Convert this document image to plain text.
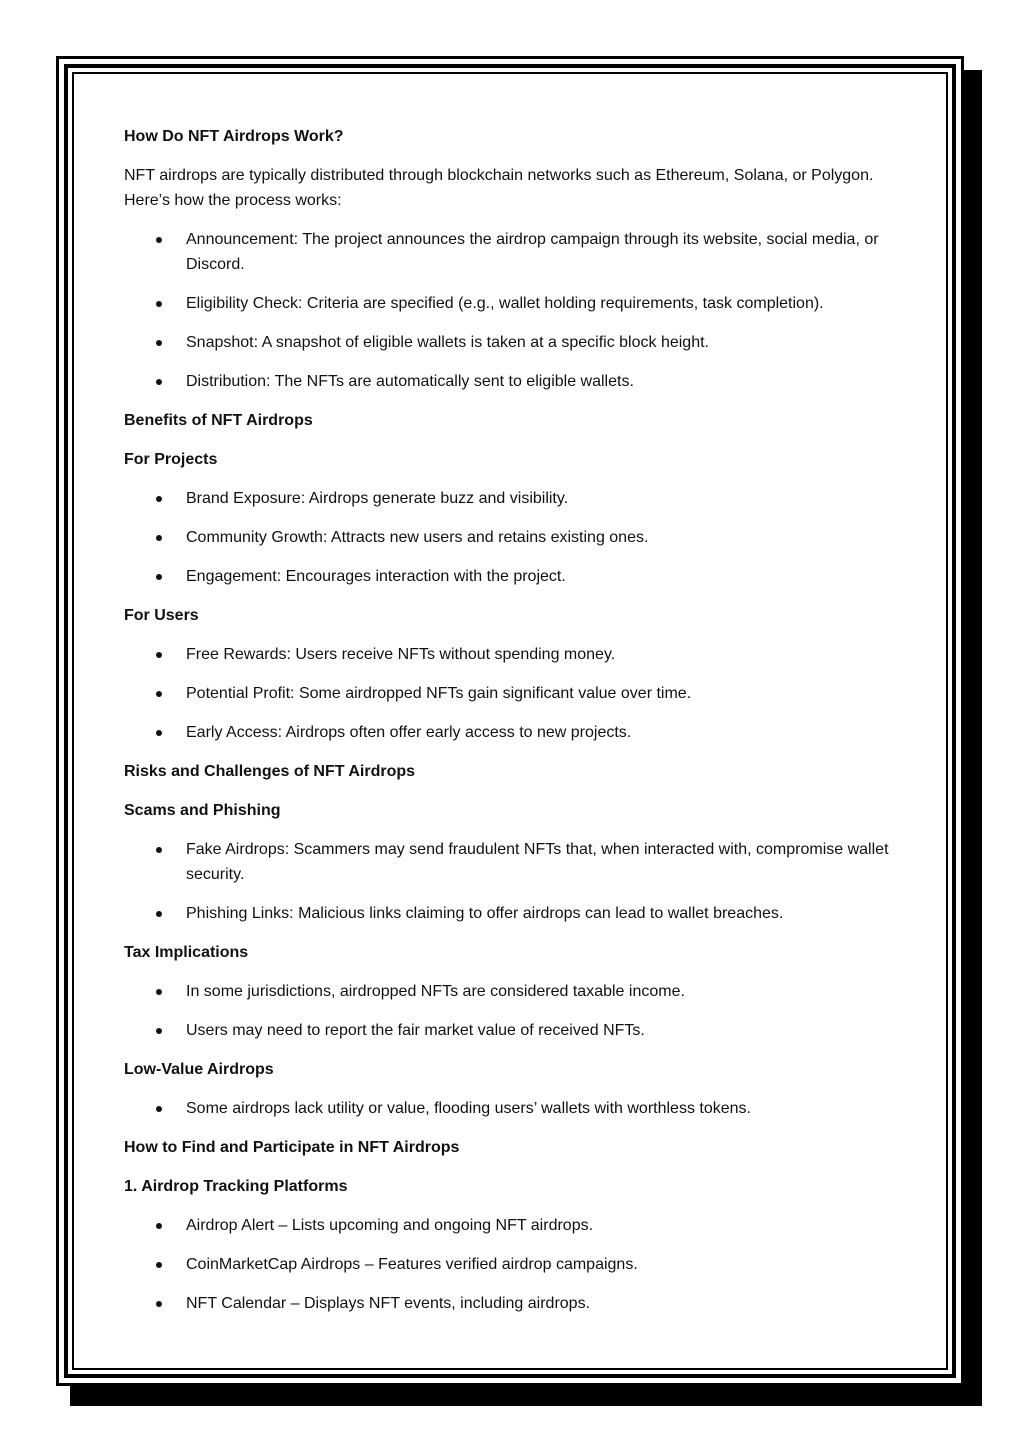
How Do NFT Airdrops Work?

NFT airdrops are typically distributed through blockchain networks such as Ethereum, Solana, or Polygon. Here’s how the process works:

Announcement: The project announces the airdrop campaign through its website, social media, or Discord.
Eligibility Check: Criteria are specified (e.g., wallet holding requirements, task completion).
Snapshot: A snapshot of eligible wallets is taken at a specific block height.
Distribution: The NFTs are automatically sent to eligible wallets.
Benefits of NFT Airdrops
For Projects
Brand Exposure: Airdrops generate buzz and visibility.
Community Growth: Attracts new users and retains existing ones.
Engagement: Encourages interaction with the project.
For Users
Free Rewards: Users receive NFTs without spending money.
Potential Profit: Some airdropped NFTs gain significant value over time.
Early Access: Airdrops often offer early access to new projects.
Risks and Challenges of NFT Airdrops
Scams and Phishing
Fake Airdrops: Scammers may send fraudulent NFTs that, when interacted with, compromise wallet security.
Phishing Links: Malicious links claiming to offer airdrops can lead to wallet breaches.
Tax Implications
In some jurisdictions, airdropped NFTs are considered taxable income.
Users may need to report the fair market value of received NFTs.
Low-Value Airdrops
Some airdrops lack utility or value, flooding users’ wallets with worthless tokens.
How to Find and Participate in NFT Airdrops
1. Airdrop Tracking Platforms
Airdrop Alert – Lists upcoming and ongoing NFT airdrops.
CoinMarketCap Airdrops – Features verified airdrop campaigns.
NFT Calendar – Displays NFT events, including airdrops.
